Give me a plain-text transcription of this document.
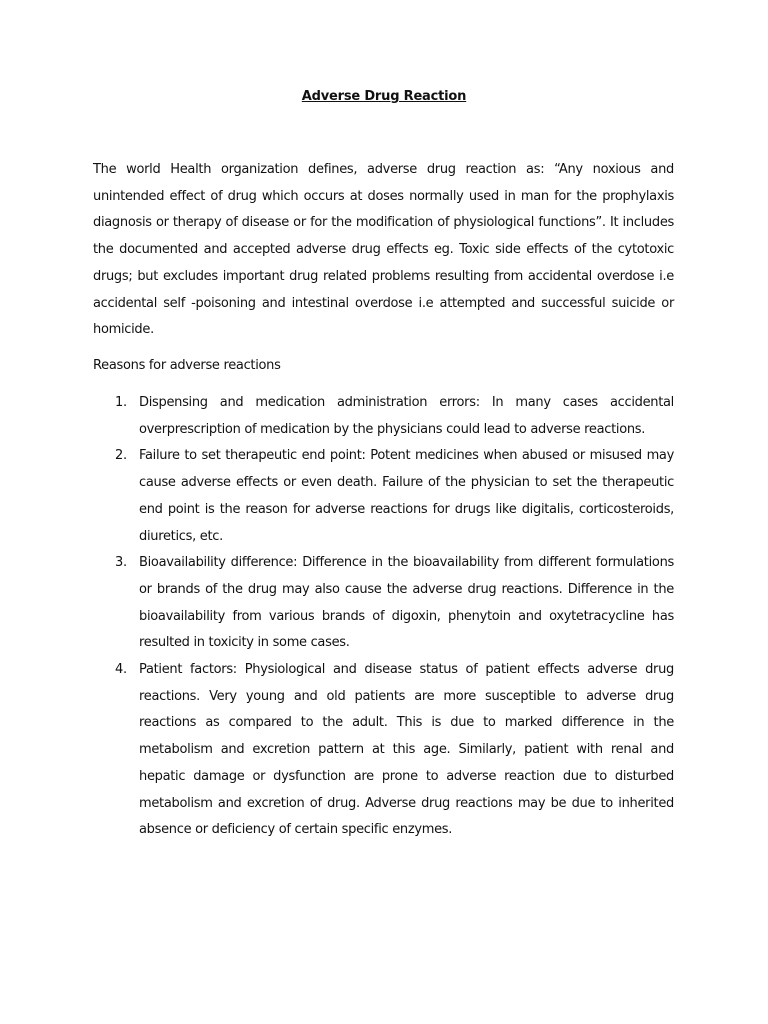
Adverse Drug Reaction

The world Health organization defines, adverse drug reaction as: “Any noxious and unintended effect of drug which occurs at doses normally used in man for the prophylaxis diagnosis or therapy of disease or for the modification of physiological functions”. It includes the documented and accepted adverse drug effects eg. Toxic side effects of the cytotoxic drugs; but excludes important drug related problems resulting from accidental overdose i.e accidental self -poisoning and intestinal overdose i.e attempted and successful suicide or homicide.

Reasons for adverse reactions

1. Dispensing and medication administration errors: In many cases accidental overprescription of medication by the physicians could lead to adverse reactions.
2. Failure to set therapeutic end point: Potent medicines when abused or misused may cause adverse effects or even death. Failure of the physician to set the therapeutic end point is the reason for adverse reactions for drugs like digitalis, corticosteroids, diuretics, etc.
3. Bioavailability difference: Difference in the bioavailability from different formulations or brands of the drug may also cause the adverse drug reactions. Difference in the bioavailability from various brands of digoxin, phenytoin and oxytetracycline has resulted in toxicity in some cases.
4. Patient factors: Physiological and disease status of patient effects adverse drug reactions. Very young and old patients are more susceptible to adverse drug reactions as compared to the adult. This is due to marked difference in the metabolism and excretion pattern at this age. Similarly, patient with renal and hepatic damage or dysfunction are prone to adverse reaction due to disturbed metabolism and excretion of drug. Adverse drug reactions may be due to inherited absence or deficiency of certain specific enzymes.
